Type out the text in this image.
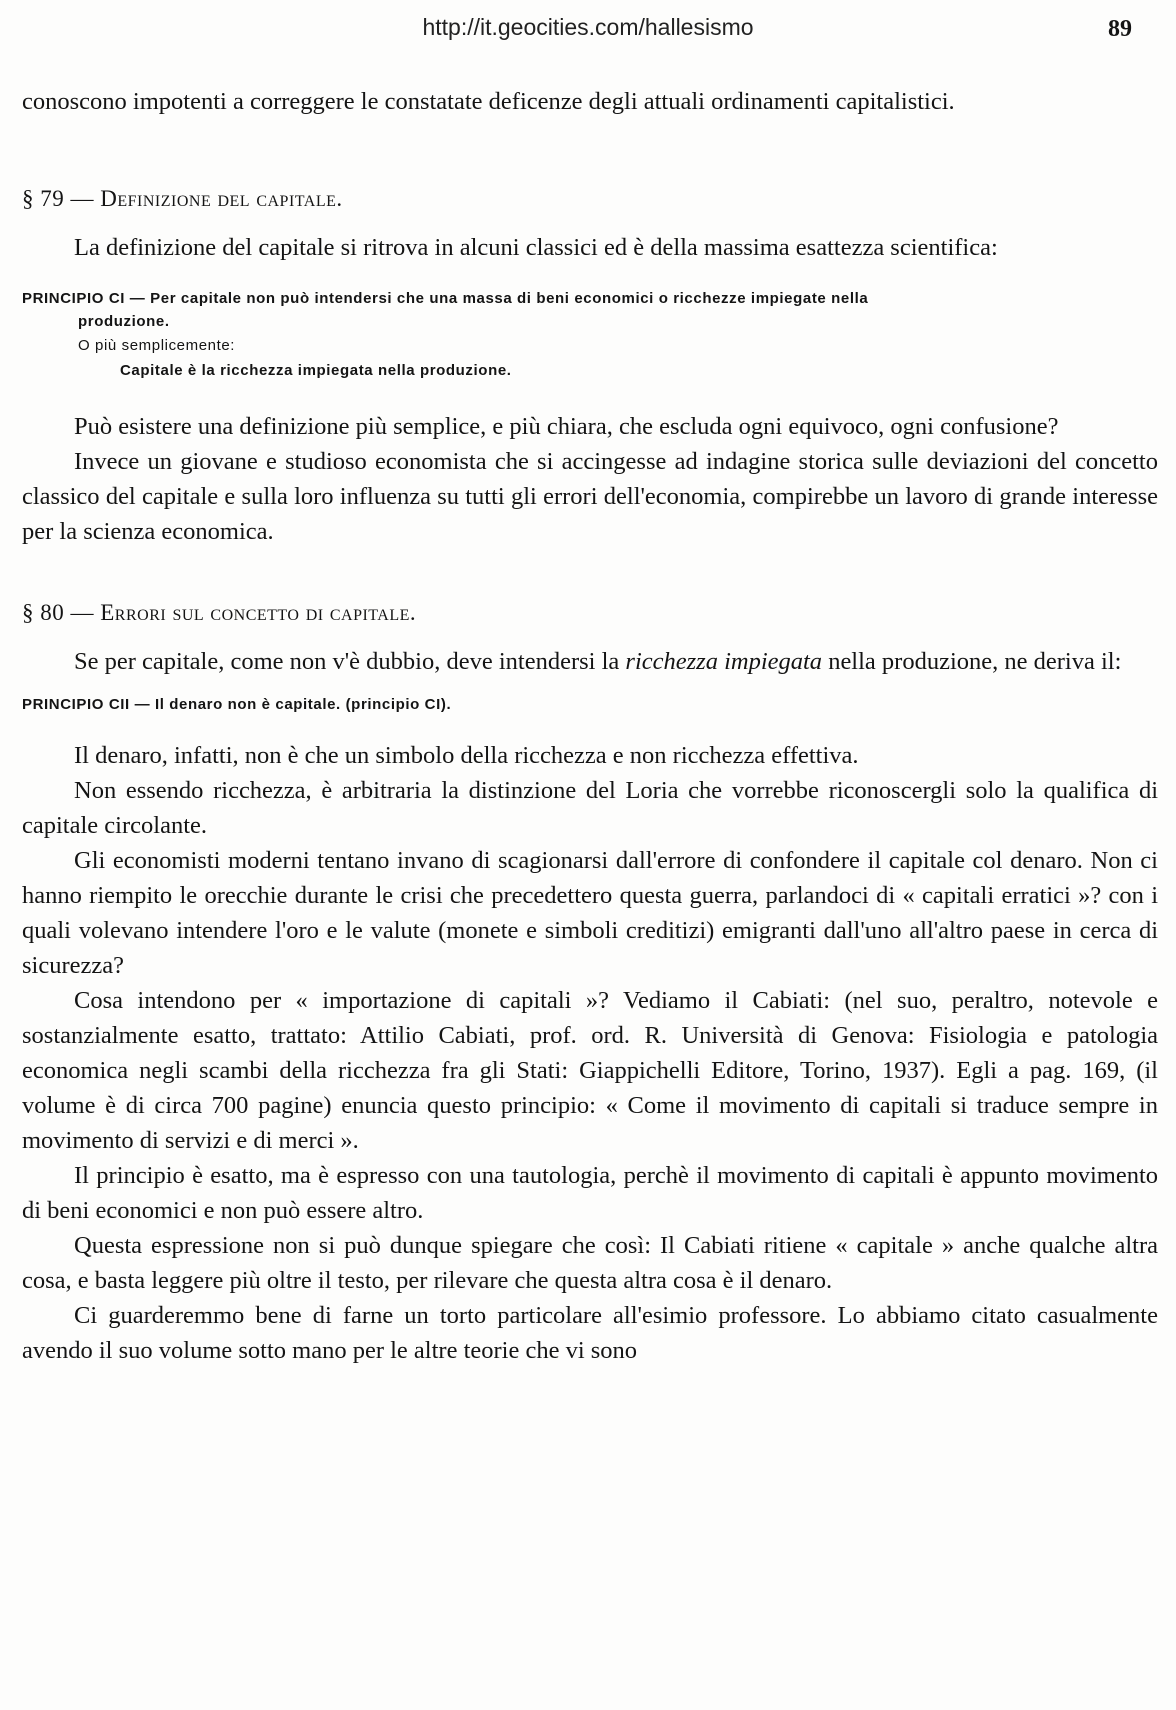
http://it.geocities.com/hallesismo	89

conoscono impotenti a correggere le constatate deficenze degli attuali ordinamenti capitalistici.

§ 79 — Definizione del capitale.

La definizione del capitale si ritrova in alcuni classici ed è della massima esattezza scientifica:

PRINCIPIO CI — Per capitale non può intendersi che una massa di beni economici o ricchezze impiegate nella
produzione.

O più semplicemente:

Capitale è la ricchezza impiegata nella produzione.

Può esistere una definizione più semplice, e più chiara, che escluda ogni equivoco, ogni confusione?

Invece un giovane e studioso economista che si accingesse ad indagine storica sulle deviazioni del concetto classico del capitale e sulla loro influenza su tutti gli errori dell'economia, compirebbe un lavoro di grande interesse per la scienza economica.

§ 80 — Errori sul concetto di capitale.

Se per capitale, come non v'è dubbio, deve intendersi la ricchezza impiegata nella produzione, ne deriva il:

PRINCIPIO CII — Il denaro non è capitale. (principio CI).

Il denaro, infatti, non è che un simbolo della ricchezza e non ricchezza effettiva.

Non essendo ricchezza, è arbitraria la distinzione del Loria che vorrebbe riconoscergli solo la qualifica di capitale circolante.

Gli economisti moderni tentano invano di scagionarsi dall'errore di confondere il capitale col denaro. Non ci hanno riempito le orecchie durante le crisi che precedettero questa guerra, parlandoci di « capitali erratici »? con i quali volevano intendere l'oro e le valute (monete e simboli creditizi) emigranti dall'uno all'altro paese in cerca di sicurezza?

Cosa intendono per « importazione di capitali »? Vediamo il Cabiati: (nel suo, peraltro, notevole e sostanzialmente esatto, trattato: Attilio Cabiati, prof. ord. R. Università di Genova: Fisiologia e patologia economica negli scambi della ricchezza fra gli Stati: Giappichelli Editore, Torino, 1937). Egli a pag. 169, (il volume è di circa 700 pagine) enuncia questo principio: « Come il movimento di capitali si traduce sempre in movimento di servizi e di merci ».

Il principio è esatto, ma è espresso con una tautologia, perchè il movimento di capitali è appunto movimento di beni economici e non può essere altro.

Questa espressione non si può dunque spiegare che così: Il Cabiati ritiene « capitale » anche qualche altra cosa, e basta leggere più oltre il testo, per rilevare che questa altra cosa è il denaro.

Ci guarderemmo bene di farne un torto particolare all'esimio professore. Lo abbiamo citato casualmente avendo il suo volume sotto mano per le altre teorie che vi sono
